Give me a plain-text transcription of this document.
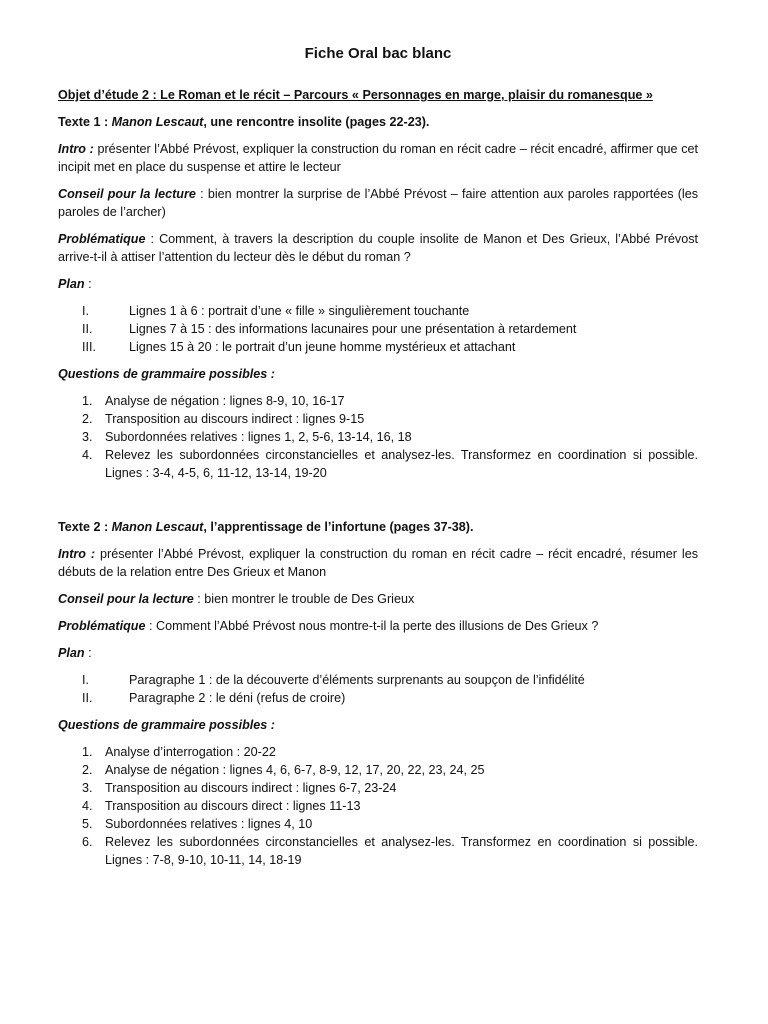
Fiche Oral bac blanc

Objet d’étude 2 : Le Roman et le récit – Parcours « Personnages en marge, plaisir du romanesque »

Texte 1 : Manon Lescaut, une rencontre insolite (pages 22-23).

Intro : présenter l’Abbé Prévost, expliquer la construction du roman en récit cadre – récit encadré, affirmer que cet incipit met en place du suspense et attire le lecteur

Conseil pour la lecture : bien montrer la surprise de l’Abbé Prévost – faire attention aux paroles rapportées (les paroles de l’archer)

Problématique : Comment, à travers la description du couple insolite de Manon et Des Grieux, l’Abbé Prévost arrive-t-il à attiser l’attention du lecteur dès le début du roman ?

Plan :

I.	Lignes 1 à 6 : portrait d’une « fille » singulièrement touchante
II.	Lignes 7 à 15 : des informations lacunaires pour une présentation à retardement
III.	Lignes 15 à 20 : le portrait d’un jeune homme mystérieux et attachant

Questions de grammaire possibles :

1. Analyse de négation : lignes 8-9, 10, 16-17
2. Transposition au discours indirect : lignes 9-15
3. Subordonnées relatives : lignes 1, 2, 5-6, 13-14, 16, 18
4. Relevez les subordonnées circonstancielles et analysez-les. Transformez en coordination si possible. Lignes : 3-4, 4-5, 6, 11-12, 13-14, 19-20

Texte 2 : Manon Lescaut, l’apprentissage de l’infortune (pages 37-38).

Intro : présenter l’Abbé Prévost, expliquer la construction du roman en récit cadre – récit encadré, résumer les débuts de la relation entre Des Grieux et Manon

Conseil pour la lecture : bien montrer le trouble de Des Grieux

Problématique : Comment l’Abbé Prévost nous montre-t-il la perte des illusions de Des Grieux ?

Plan :

I.	Paragraphe 1 : de la découverte d’éléments surprenants au soupçon de l’infidélité
II.	Paragraphe 2 : le déni (refus de croire)

Questions de grammaire possibles :

1. Analyse d’interrogation : 20-22
2. Analyse de négation : lignes 4, 6, 6-7, 8-9, 12, 17, 20, 22, 23, 24, 25
3. Transposition au discours indirect : lignes 6-7, 23-24
4. Transposition au discours direct : lignes 11-13
5. Subordonnées relatives : lignes 4, 10
6. Relevez les subordonnées circonstancielles et analysez-les. Transformez en coordination si possible. Lignes : 7-8, 9-10, 10-11, 14, 18-19
